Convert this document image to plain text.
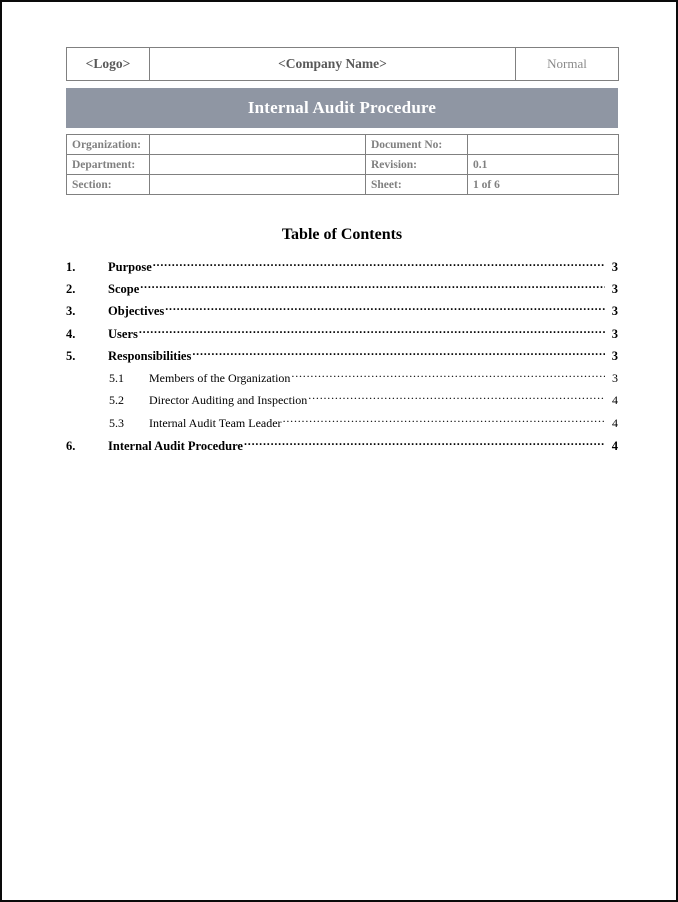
<Logo>	<Company Name>	Normal
Internal Audit Procedure
Organization:		Document No:	
Department:		Revision:	0.1
Section:		Sheet:	1 of 6
Table of Contents
1.	Purpose .....	3
2.	Scope .....	3
3.	Objectives .....	3
4.	Users .....	3
5.	Responsibilities .....	3
5.1	Members of the Organization .....	3
5.2	Director Auditing and Inspection .....	4
5.3	Internal Audit Team Leader .....	4
6.	Internal Audit Procedure .....	4
